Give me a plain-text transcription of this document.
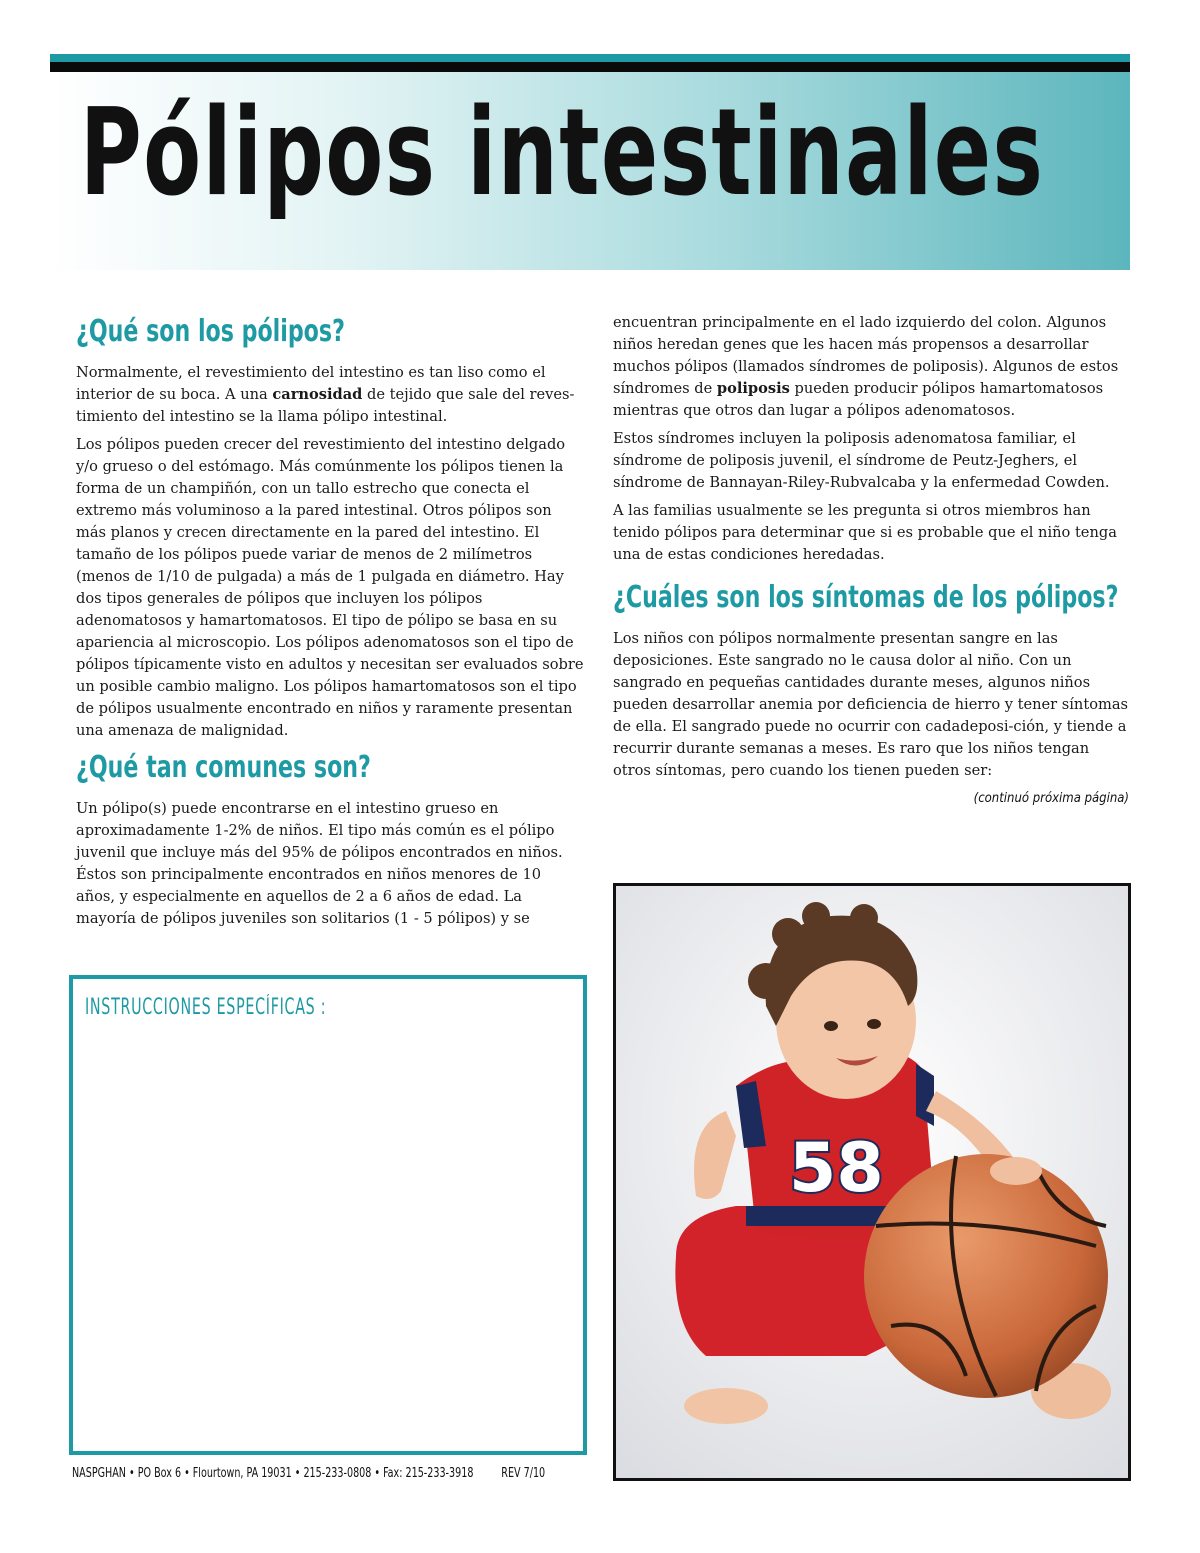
Pólipos intestinales
¿Qué son los pólipos?

Normalmente, el revestimiento del intestino es tan liso como el interior de su boca. A una carnosidad de tejido que sale del reves-timiento del intestino se la llama pólipo intestinal.

Los pólipos pueden crecer del revestimiento del intestino delgado y/o grueso o del estómago. Más comúnmente los pólipos tienen la forma de un champiñón, con un tallo estrecho que conecta el extremo más voluminoso a la pared intestinal. Otros pólipos son más planos y crecen directamente en la pared del intestino. El tamaño de los pólipos puede variar de menos de 2 milímetros (menos de 1/10 de pulgada) a más de 1 pulgada en diámetro. Hay dos tipos generales de pólipos que incluyen los pólipos adenomatosos y hamartomatosos. El tipo de pólipo se basa en su apariencia al microscopio. Los pólipos adenomatosos son el tipo de pólipos típicamente visto en adultos y necesitan ser evaluados sobre un posible cambio maligno. Los pólipos hamartomatosos son el tipo de pólipos usualmente encontrado en niños y raramente presentan una amenaza de malignidad.

¿Qué tan comunes son?

Un pólipo(s) puede encontrarse en el intestino grueso en aproximadamente 1-2% de niños. El tipo más común es el pólipo juvenil que incluye más del 95% de pólipos encontrados en niños. Éstos son principalmente encontrados en niños menores de 10 años, y especialmente en aquellos de 2 a 6 años de edad. La mayoría de pólipos juveniles son solitarios (1 - 5 pólipos) y se

encuentran principalmente en el lado izquierdo del colon. Algunos niños heredan genes que les hacen más propensos a desarrollar muchos pólipos (llamados síndromes de poliposis). Algunos de estos síndromes de poliposis pueden producir pólipos hamartomatosos mientras que otros dan lugar a pólipos adenomatosos.

Estos síndromes incluyen la poliposis adenomatosa familiar, el síndrome de poliposis juvenil, el síndrome de Peutz-Jeghers, el síndrome de Bannayan-Riley-Rubvalcaba y la enfermedad Cowden.

A las familias usualmente se les pregunta si otros miembros han tenido pólipos para determinar que si es probable que el niño tenga una de estas condiciones heredadas.

¿Cuáles son los síntomas de los pólipos?

Los niños con pólipos normalmente presentan sangre en las deposiciones. Este sangrado no le causa dolor al niño. Con un sangrado en pequeñas cantidades durante meses, algunos niños pueden desarrollar anemia por deficiencia de hierro y tener síntomas de ella. El sangrado puede no ocurrir con cadadeposi-ción, y tiende a recurrir durante semanas a meses. Es raro que los niños tengan otros síntomas, pero cuando los tienen pueden ser:

(continuó próxima página)
INSTRUCCIONES ESPECÍFICAS :
NASPGHAN • PO Box 6 • Flourtown, PA 19031 • 215-233-0808 • Fax: 215-233-3918 REV 7/10
58
